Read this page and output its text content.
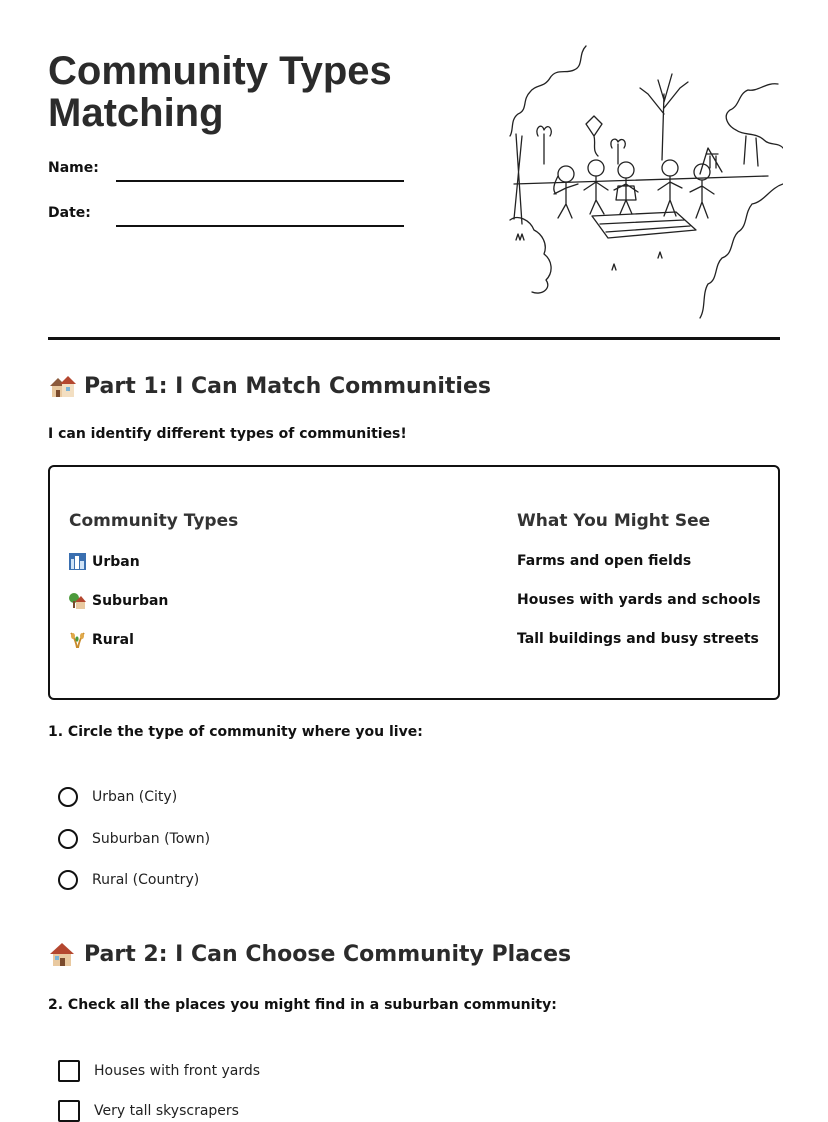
Community Types Matching
Name:
Date:
Part 1: I Can Match Communities
I can identify different types of communities!
Community Types	What You Might See
Urban
Suburban
Rural
Farms and open fields
Houses with yards and schools
Tall buildings and busy streets
1. Circle the type of community where you live:
Urban (City)
Suburban (Town)
Rural (Country)
Part 2: I Can Choose Community Places
2. Check all the places you might find in a suburban community:
Houses with front yards
Very tall skyscrapers
